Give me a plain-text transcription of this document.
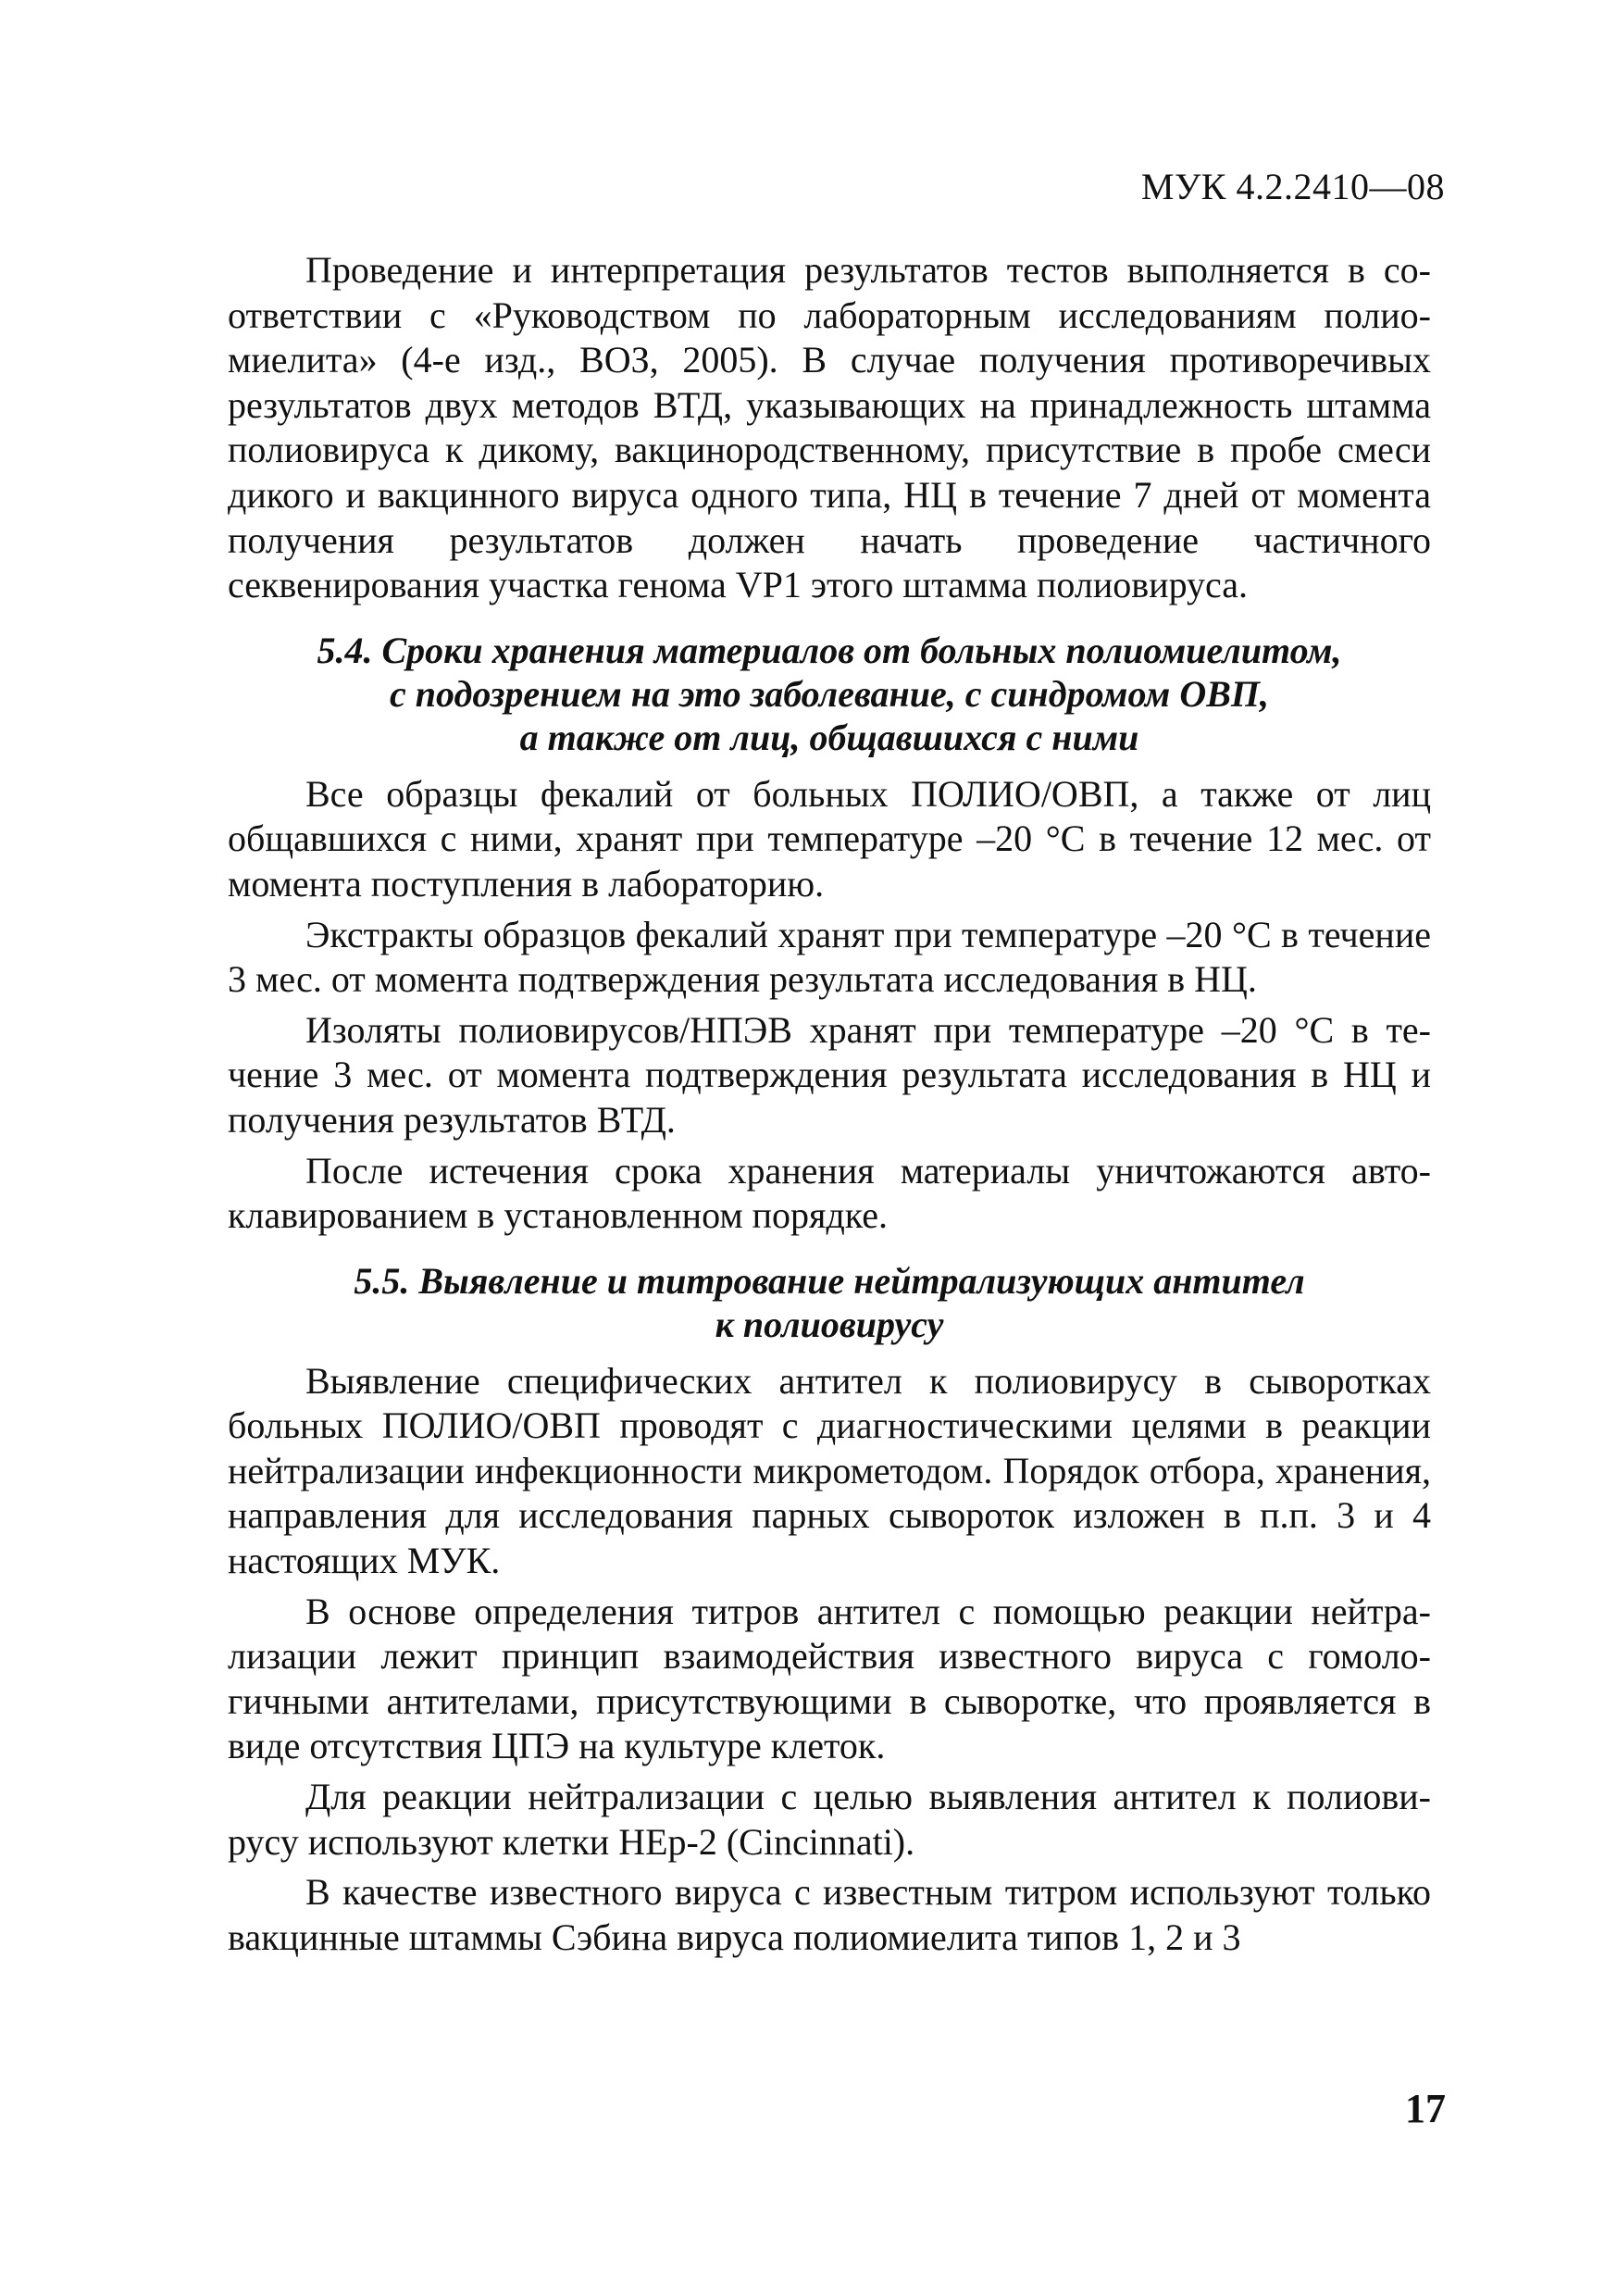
МУК 4.2.2410—08

Проведение и интерпретация результатов тестов выполняется в соответствии с «Руководством по лабораторным исследованиям полиомиелита» (4-е изд., ВОЗ, 2005). В случае получения противоречивых результатов двух методов ВТД, указывающих на принадлежность штамма полиовируса к дикому, вакцинородственному, присутствие в пробе смеси дикого и вакцинного вируса одного типа, НЦ в течение 7 дней от момента получения результатов должен начать проведение частичного секвенирования участка генома VP1 этого штамма полиовируса.

5.4. Сроки хранения материалов от больных полиомиелитом,
с подозрением на это заболевание, с синдромом ОВП,
а также от лиц, общавшихся с ними

Все образцы фекалий от больных ПОЛИО/ОВП, а также от лиц общавшихся с ними, хранят при температуре –20 °С в течение 12 мес. от момента поступления в лабораторию.

Экстракты образцов фекалий хранят при температуре –20 °С в течение 3 мес. от момента подтверждения результата исследования в НЦ.

Изоляты полиовирусов/НПЭВ хранят при температуре –20 °С в течение 3 мес. от момента подтверждения результата исследования в НЦ и получения результатов ВТД.

После истечения срока хранения материалы уничтожаются автоклавированием в установленном порядке.

5.5. Выявление и титрование нейтрализующих антител
к полиовирусу

Выявление специфических антител к полиовирусу в сыворотках больных ПОЛИО/ОВП проводят с диагностическими целями в реакции нейтрализации инфекционности микрометодом. Порядок отбора, хранения, направления для исследования парных сывороток изложен в п.п. 3 и 4 настоящих МУК.

В основе определения титров антител с помощью реакции нейтрализации лежит принцип взаимодействия известного вируса с гомологичными антителами, присутствующими в сыворотке, что проявляется в виде отсутствия ЦПЭ на культуре клеток.

Для реакции нейтрализации с целью выявления антител к полиовирусу используют клетки НЕр-2 (Cincinnati).

В качестве известного вируса с известным титром используют только вакцинные штаммы Сэбина вируса полиомиелита типов 1, 2 и 3

17
